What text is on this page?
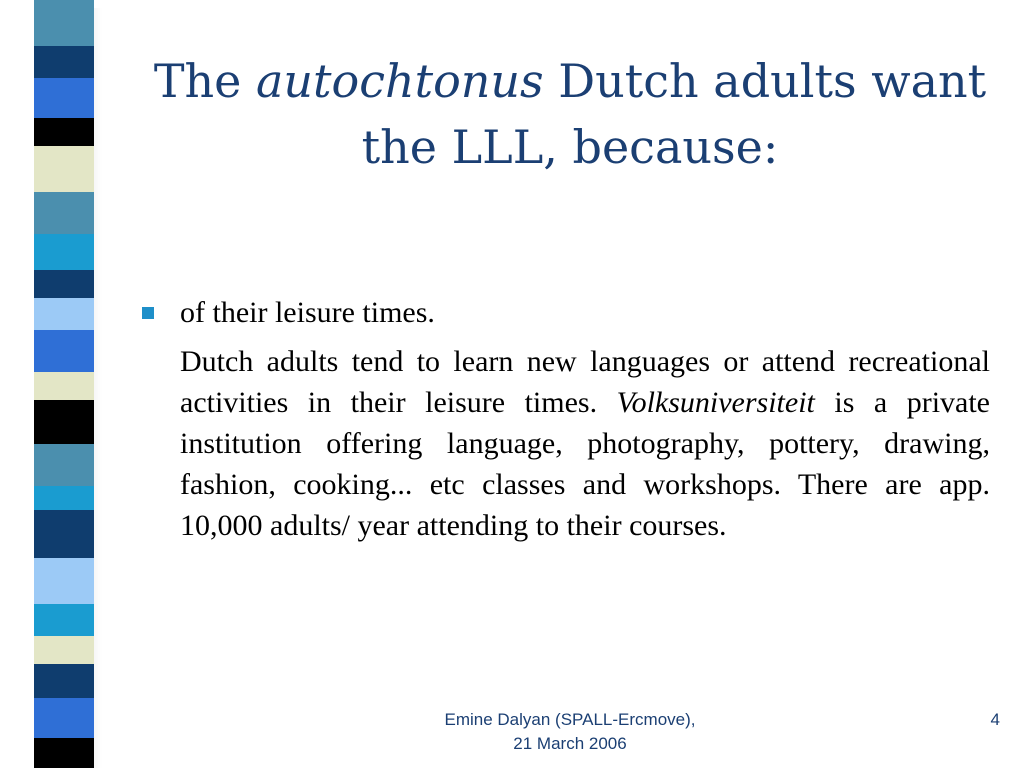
The autochtonus Dutch adults want the LLL, because:
of their leisure times.
Dutch adults tend to learn new languages or attend recreational activities in their leisure times. Volksuniversiteit is a private institution offering language, photography, pottery, drawing, fashion, cooking... etc classes and workshops. There are app. 10,000 adults/ year attending to their courses.
Emine Dalyan (SPALL-Ercmove),
21 March 2006
4
